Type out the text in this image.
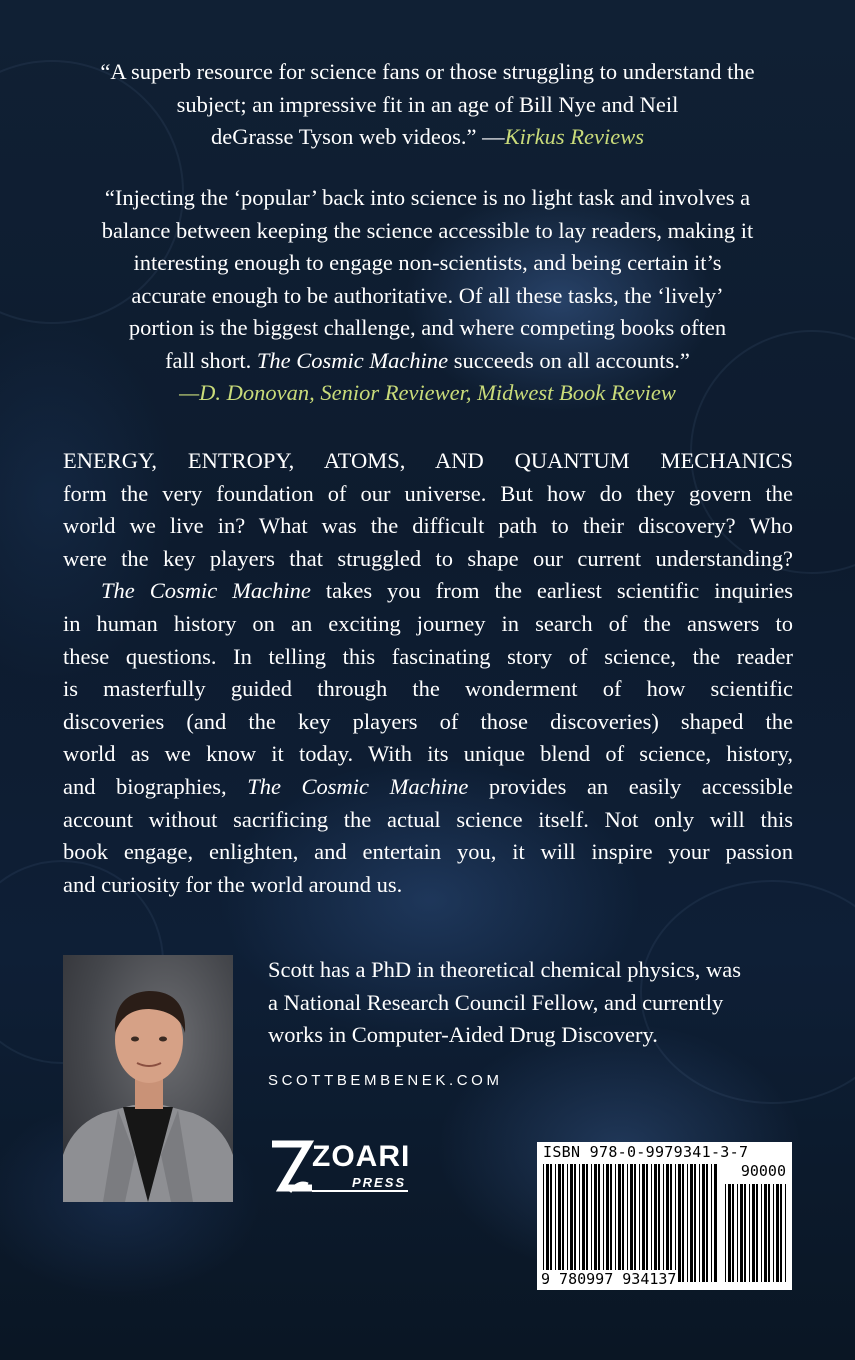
“A superb resource for science fans or those struggling to understand the
subject; an impressive fit in an age of Bill Nye and Neil
deGrasse Tyson web videos.” —Kirkus Reviews
“Injecting the ‘popular’ back into science is no light task and involves a
balance between keeping the science accessible to lay readers, making it
interesting enough to engage non-scientists, and being certain it’s
accurate enough to be authoritative. Of all these tasks, the ‘lively’
portion is the biggest challenge, and where competing books often
fall short. The Cosmic Machine succeeds on all accounts.”
—D. Donovan, Senior Reviewer, Midwest Book Review
ENERGY, ENTROPY, ATOMS, AND QUANTUM MECHANICS
form the very foundation of our universe. But how do they govern the
world we live in? What was the difficult path to their discovery? Who
were the key players that struggled to shape our current understanding?
The Cosmic Machine takes you from the earliest scientific inquiries
in human history on an exciting journey in search of the answers to
these questions. In telling this fascinating story of science, the reader
is masterfully guided through the wonderment of how scientific
discoveries (and the key players of those discoveries) shaped the
world as we know it today. With its unique blend of science, history,
and biographies, The Cosmic Machine provides an easily accessible
account without sacrificing the actual science itself. Not only will this
book engage, enlighten, and entertain you, it will inspire your passion
and curiosity for the world around us.
Scott has a PhD in theoretical chemical physics, was
a National Research Council Fellow, and currently
works in Computer-Aided Drug Discovery.
SCOTTBEMBENEK.COM
ZOARI
PRESS
ISBN 978-0-9979341-3-7
90000
9 780997 934137
